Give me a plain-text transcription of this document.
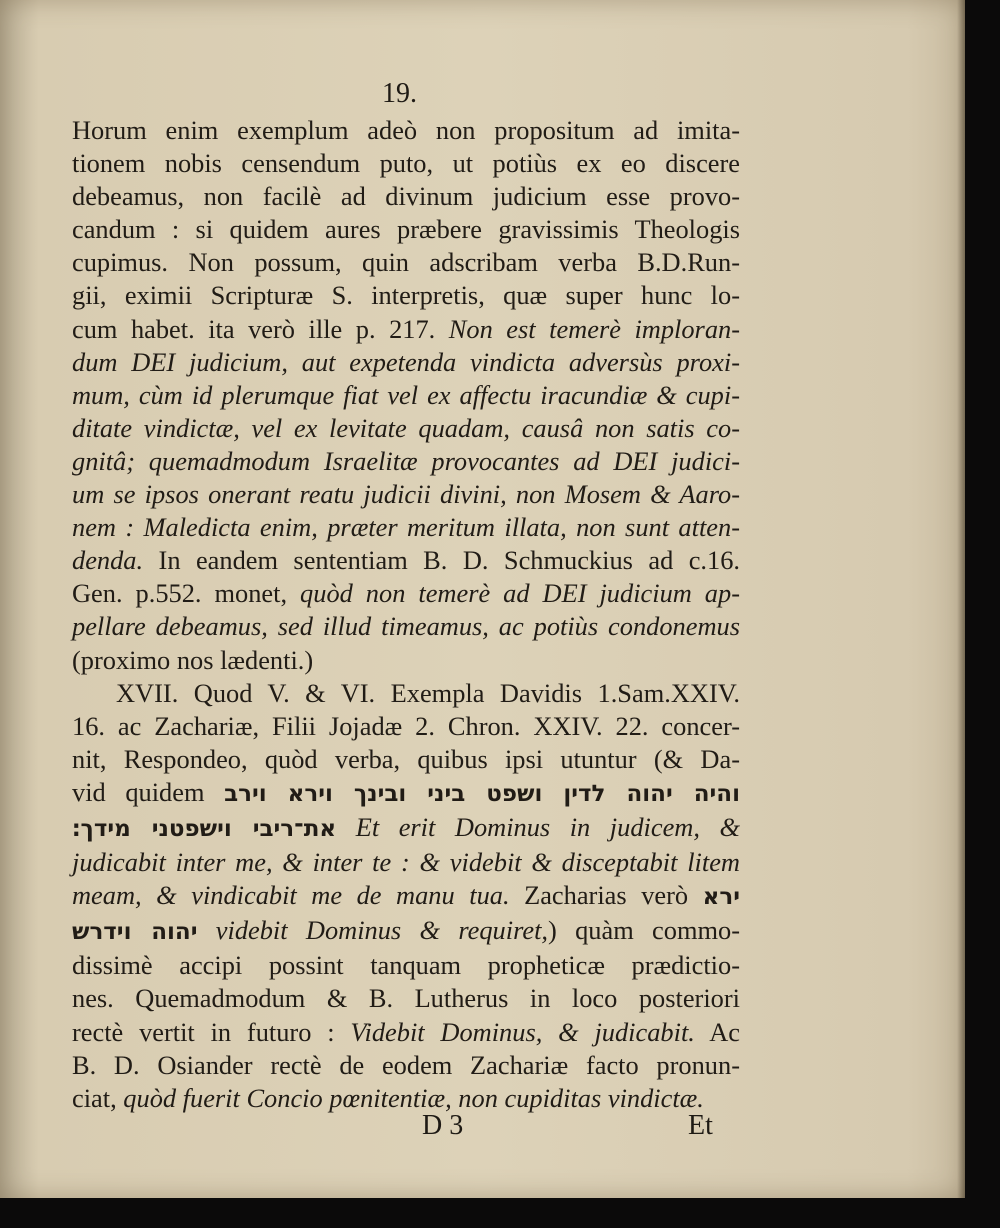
19.
Horum enim exemplum adeò non propositum ad imita-
tionem nobis censendum puto, ut potiùs ex eo discere
debeamus, non facilè ad divinum judicium esse provo-
candum : si quidem aures præbere gravissimis Theologis
cupimus. Non possum, quin adscribam verba B.D.Run-
gii, eximii Scripturæ S. interpretis, quæ super hunc lo-
cum habet. ita verò ille p. 217. Non est temerè imploran-
dum DEI judicium, aut expetenda vindicta adversùs proxi-
mum, cùm id plerumque fiat vel ex affectu iracundiæ & cupi-
ditate vindictæ, vel ex levitate quadam, causâ non satis co-
gnitâ; quemadmodum Israelitæ provocantes ad DEI judici-
um se ipsos onerant reatu judicii divini, non Mosem & Aaro-
nem : Maledicta enim, præter meritum illata, non sunt atten-
denda. In eandem sententiam B. D. Schmuckius ad c.16.
Gen. p.552. monet, quòd non temerè ad DEI judicium ap-
pellare debeamus, sed illud timeamus, ac potiùs condonemus
(proximo nos lædenti.)
XVII. Quod V. & VI. Exempla Davidis 1.Sam.XXIV.
16. ac Zachariæ, Filii Jojadæ 2. Chron. XXIV. 22. concer-
nit, Respondeo, quòd verba, quibus ipsi utuntur (& Da-
vid quidem והיה יהוה לדין ושפט ביני ובינך וירא וירב
את־ריבי וישפטני מידך׃ Et erit Dominus in judicem, &
judicabit inter me, & inter te : & videbit & disceptabit litem
meam, & vindicabit me de manu tua. Zacharias verò ירא
יהוה וידרש videbit Dominus & requiret,) quàm commo-
dissimè accipi possint tanquam propheticæ prædictio-
nes. Quemadmodum & B. Lutherus in loco posteriori
rectè vertit in futuro : Videbit Dominus, & judicabit. Ac
B. D. Osiander rectè de eodem Zachariæ facto pronun-
ciat, quòd fuerit Concio pœnitentiæ, non cupiditas vindictæ.
D 3	Et
